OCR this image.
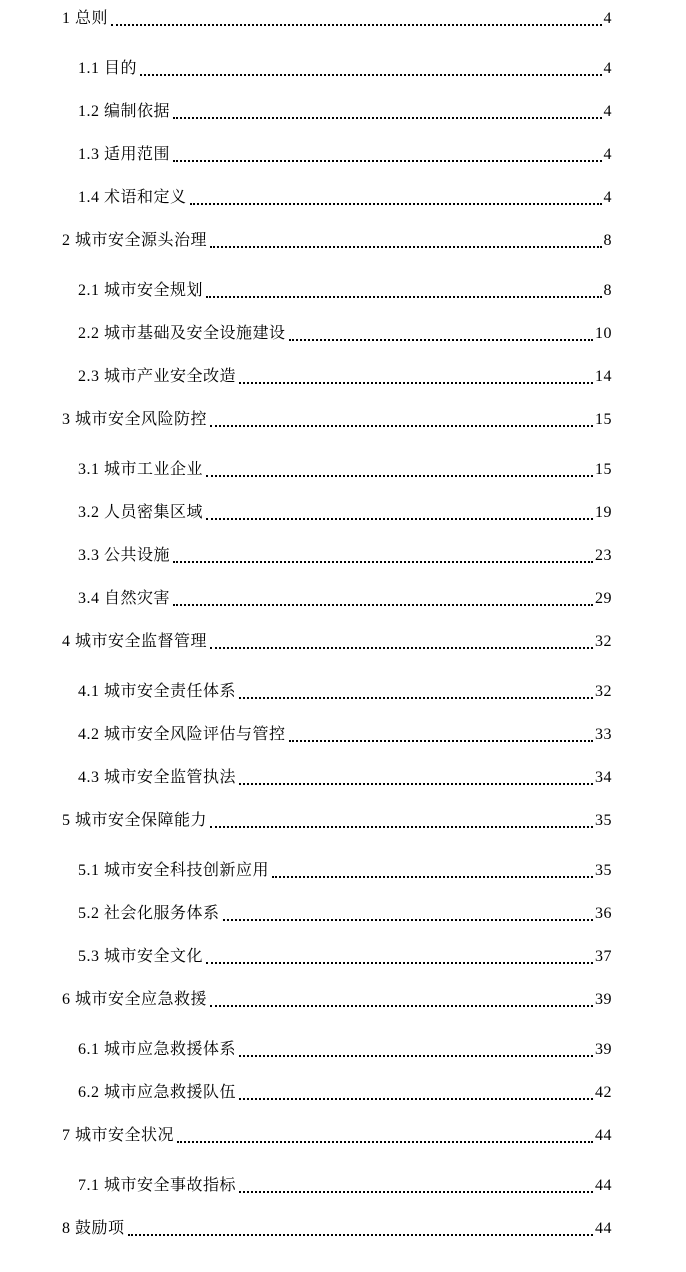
1 总则	4
1.1 目的	4
1.2 编制依据	4
1.3 适用范围	4
1.4 术语和定义	4
2 城市安全源头治理	8
2.1 城市安全规划	8
2.2 城市基础及安全设施建设	10
2.3 城市产业安全改造	14
3 城市安全风险防控	15
3.1 城市工业企业	15
3.2 人员密集区域	19
3.3 公共设施	23
3.4 自然灾害	29
4 城市安全监督管理	32
4.1 城市安全责任体系	32
4.2 城市安全风险评估与管控	33
4.3 城市安全监管执法	34
5 城市安全保障能力	35
5.1 城市安全科技创新应用	35
5.2 社会化服务体系	36
5.3 城市安全文化	37
6 城市安全应急救援	39
6.1 城市应急救援体系	39
6.2 城市应急救援队伍	42
7 城市安全状况	44
7.1 城市安全事故指标	44
8 鼓励项	44
